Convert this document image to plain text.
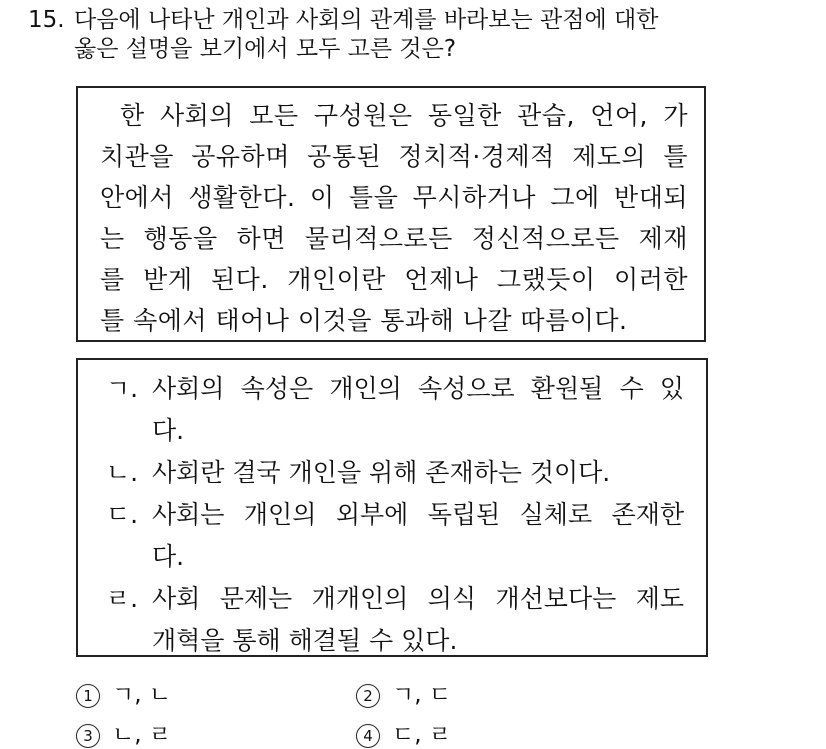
15. 다음에 나타난 개인과 사회의 관계를 바라보는 관점에 대한
옳은 설명을 보기에서 모두 고른 것은?
한 사회의 모든 구성원은 동일한 관습, 언어, 가
치관을 공유하며 공통된 정치적·경제적 제도의 틀
안에서 생활한다. 이 틀을 무시하거나 그에 반대되
는 행동을 하면 물리적으로든 정신적으로든 제재
를 받게 된다. 개인이란 언제나 그랬듯이 이러한
틀 속에서 태어나 이것을 통과해 나갈 따름이다.
ㄱ. 사회의 속성은 개인의 속성으로 환원될 수 있
다.
ㄴ. 사회란 결국 개인을 위해 존재하는 것이다.
ㄷ. 사회는 개인의 외부에 독립된 실체로 존재한
다.
ㄹ. 사회 문제는 개개인의 의식 개선보다는 제도
개혁을 통해 해결될 수 있다.
1 ㄱ, ㄴ	2 ㄱ, ㄷ
3 ㄴ, ㄹ	4 ㄷ, ㄹ
